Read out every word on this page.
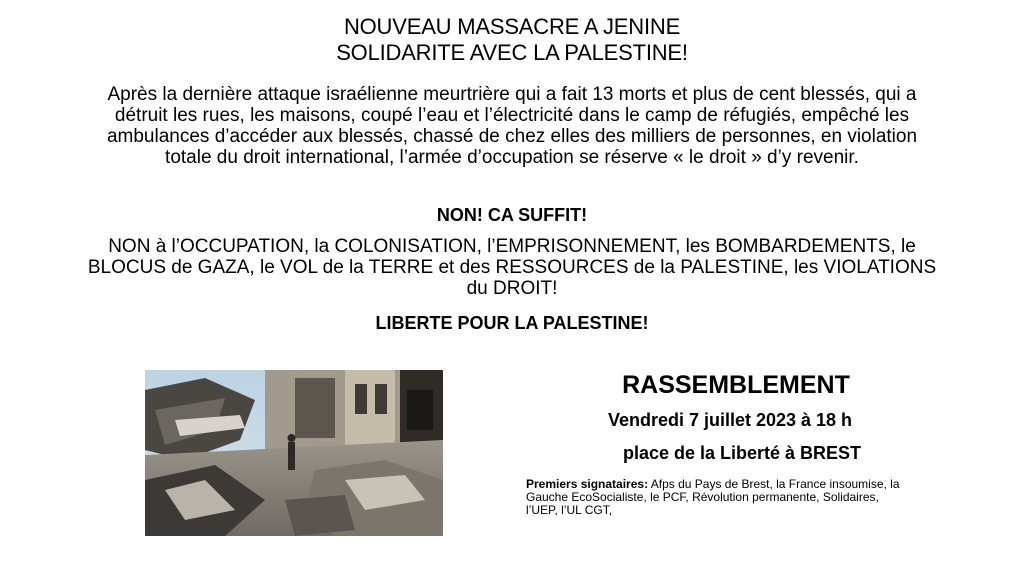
NOUVEAU MASSACRE A JENINE
SOLIDARITE AVEC LA PALESTINE!
Après la dernière attaque israélienne meurtrière qui a fait 13 morts et plus de cent blessés, qui a détruit les rues, les maisons, coupé l’eau et l’électricité dans le camp de réfugiés, empêché les ambulances d’accéder aux blessés, chassé de chez elles des milliers de personnes, en violation totale du droit international, l’armée d’occupation se réserve « le droit » d’y revenir.
NON! CA SUFFIT!
NON à l’OCCUPATION, la COLONISATION, l’EMPRISONNEMENT, les BOMBARDEMENTS, le BLOCUS de GAZA, le VOL de la TERRE et des RESSOURCES de la PALESTINE, les VIOLATIONS du DROIT!
LIBERTE POUR LA PALESTINE!
RASSEMBLEMENT
Vendredi 7 juillet 2023 à 18 h
place de la Liberté à BREST
Premiers signataires: Afps du Pays de Brest, la France insoumise, la Gauche EcoSocialiste, le PCF, Révolution permanente, Solidaires, l’UEP, l’UL CGT,
